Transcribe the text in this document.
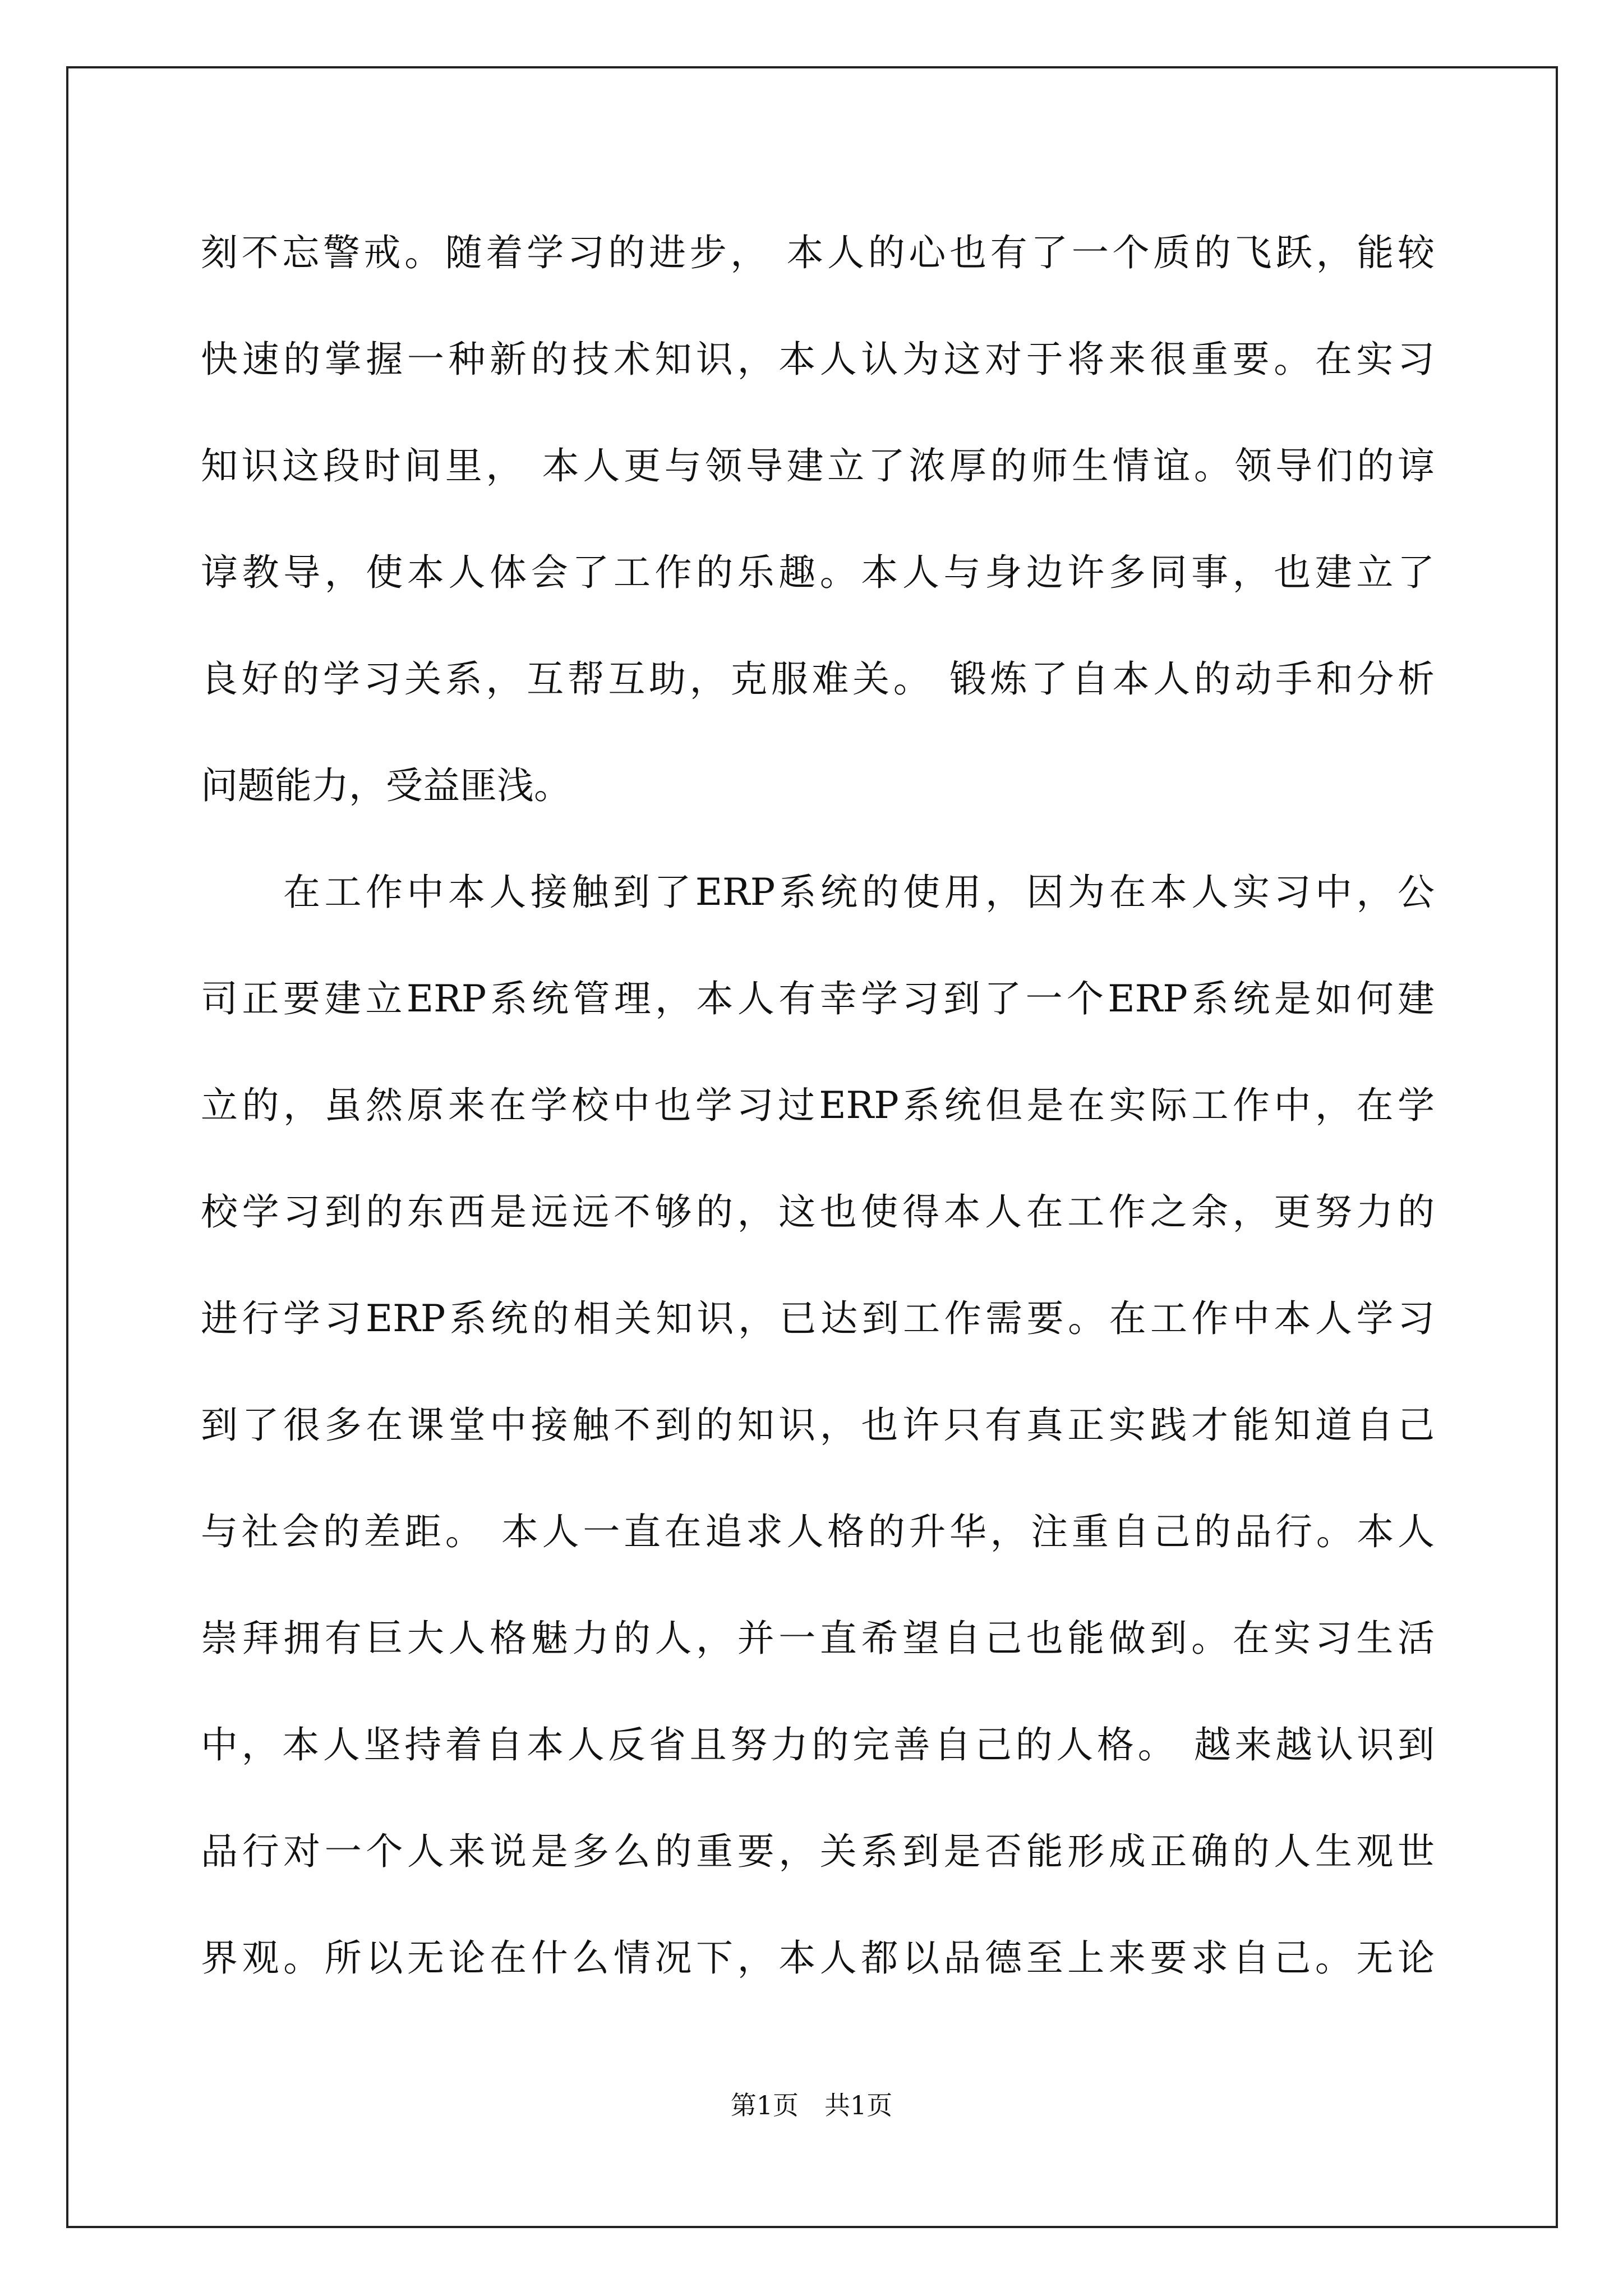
刻不忘警戒。随着学习的进步， 本人的心也有了一个质的飞跃，能较
快速的掌握一种新的技术知识，本人认为这对于将来很重要。在实习
知识这段时间里， 本人更与领导建立了浓厚的师生情谊。领导们的谆
谆教导，使本人体会了工作的乐趣。本人与身边许多同事，也建立了
良好的学习关系，互帮互助，克服难关。 锻炼了自本人的动手和分析
问题能力，受益匪浅。
　　在工作中本人接触到了ERP系统的使用，因为在本人实习中，公
司正要建立ERP系统管理，本人有幸学习到了一个ERP系统是如何建
立的，虽然原来在学校中也学习过ERP系统但是在实际工作中，在学
校学习到的东西是远远不够的，这也使得本人在工作之余，更努力的
进行学习ERP系统的相关知识，已达到工作需要。在工作中本人学习
到了很多在课堂中接触不到的知识，也许只有真正实践才能知道自己
与社会的差距。 本人一直在追求人格的升华，注重自己的品行。本人
崇拜拥有巨大人格魅力的人，并一直希望自己也能做到。在实习生活
中，本人坚持着自本人反省且努力的完善自己的人格。 越来越认识到
品行对一个人来说是多么的重要，关系到是否能形成正确的人生观世
界观。所以无论在什么情况下，本人都以品德至上来要求自己。无论
第1页　共1页
